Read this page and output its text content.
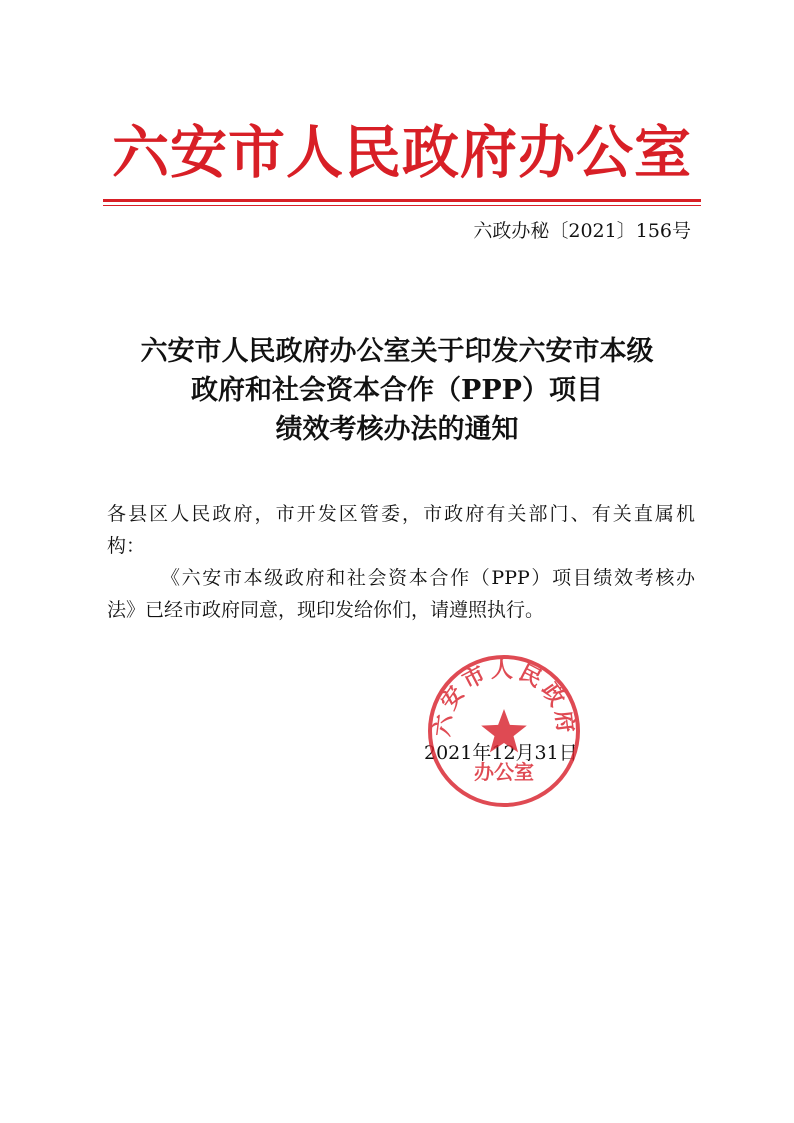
六安市人民政府办公室
六政办秘〔2021〕156号
六安市人民政府办公室关于印发六安市本级
政府和社会资本合作（PPP）项目
绩效考核办法的通知
各县区人民政府，市开发区管委，市政府有关部门、有关直属机
构：
《六安市本级政府和社会资本合作（PPP）项目绩效考核办
法》已经市政府同意，现印发给你们，请遵照执行。
2021年12月31日
六安市人民政府
办公室
